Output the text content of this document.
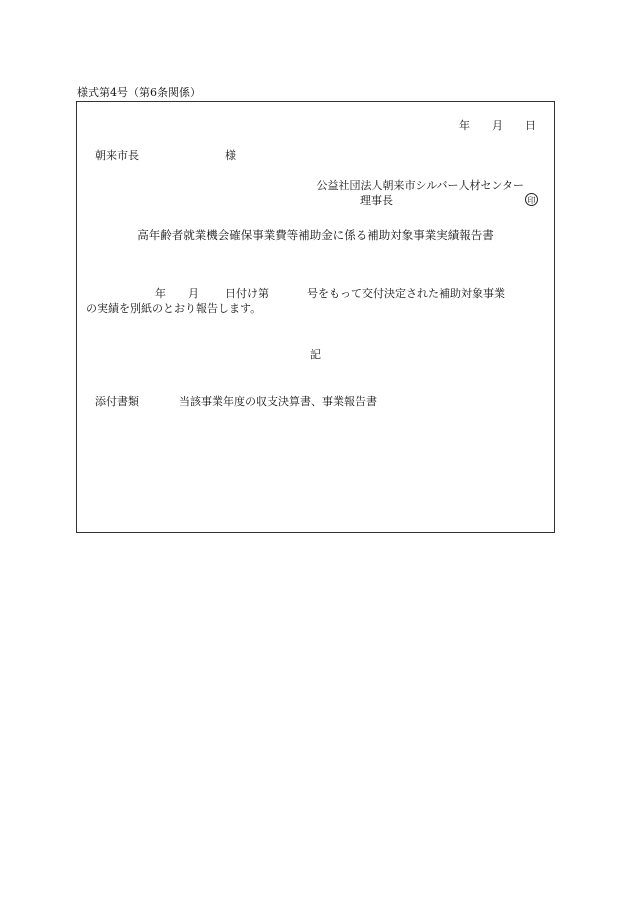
様式第4号（第6条関係）
年 月 日
朝来市長	様
公益社団法人朝来市シルバー人材センター
理事長	印
高年齢者就業機会確保事業費等補助金に係る補助対象事業実績報告書
年 月 日付け第	号をもって交付決定された補助対象事業
の実績を別紙のとおり報告します。
記
添付書類	当該事業年度の収支決算書、事業報告書
